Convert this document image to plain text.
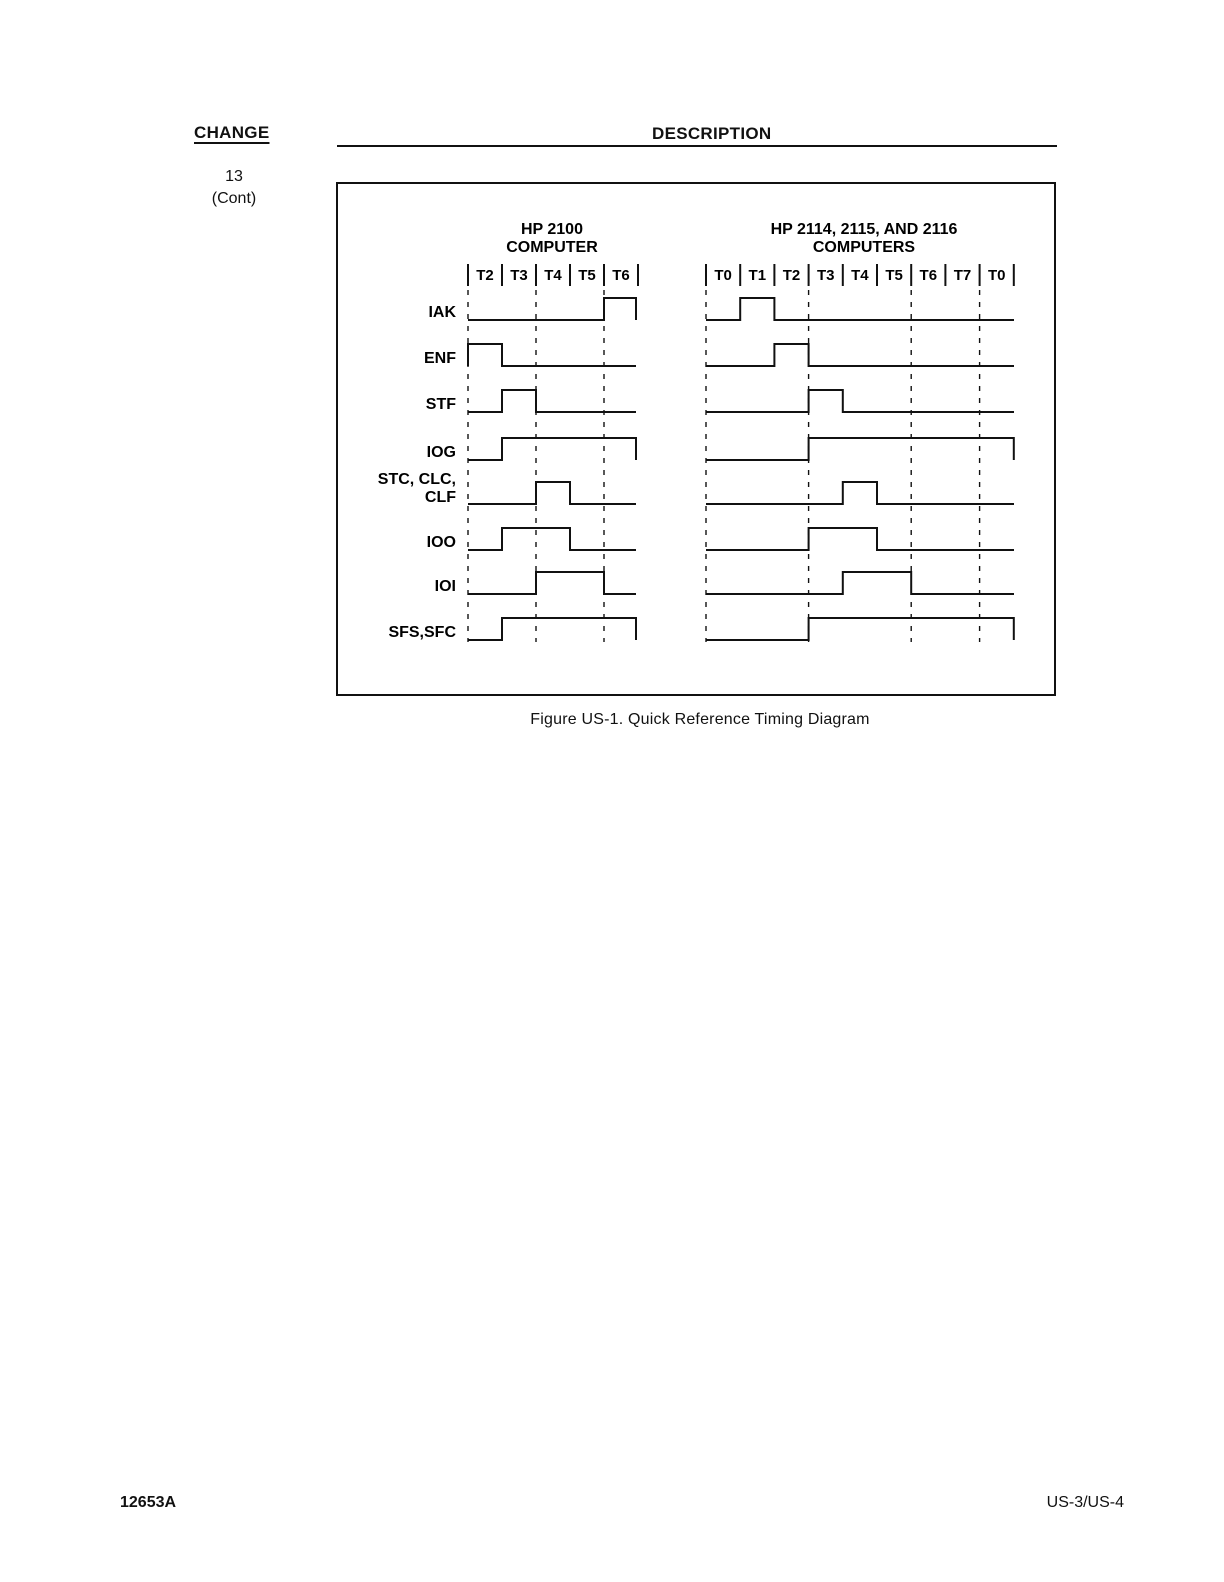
CHANGE	DESCRIPTION
13
(Cont)
HP 2100
COMPUTER
T2 T3 T4 T5 T6
HP 2114, 2115, AND 2116
COMPUTERS
T0 T1 T2 T3 T4 T5 T6 T7 T0
IAK
ENF
STF
IOG
STC, CLC,
CLF
IOO
IOI
SFS,SFC
Figure US-1. Quick Reference Timing Diagram
12653A	US-3/US-4
